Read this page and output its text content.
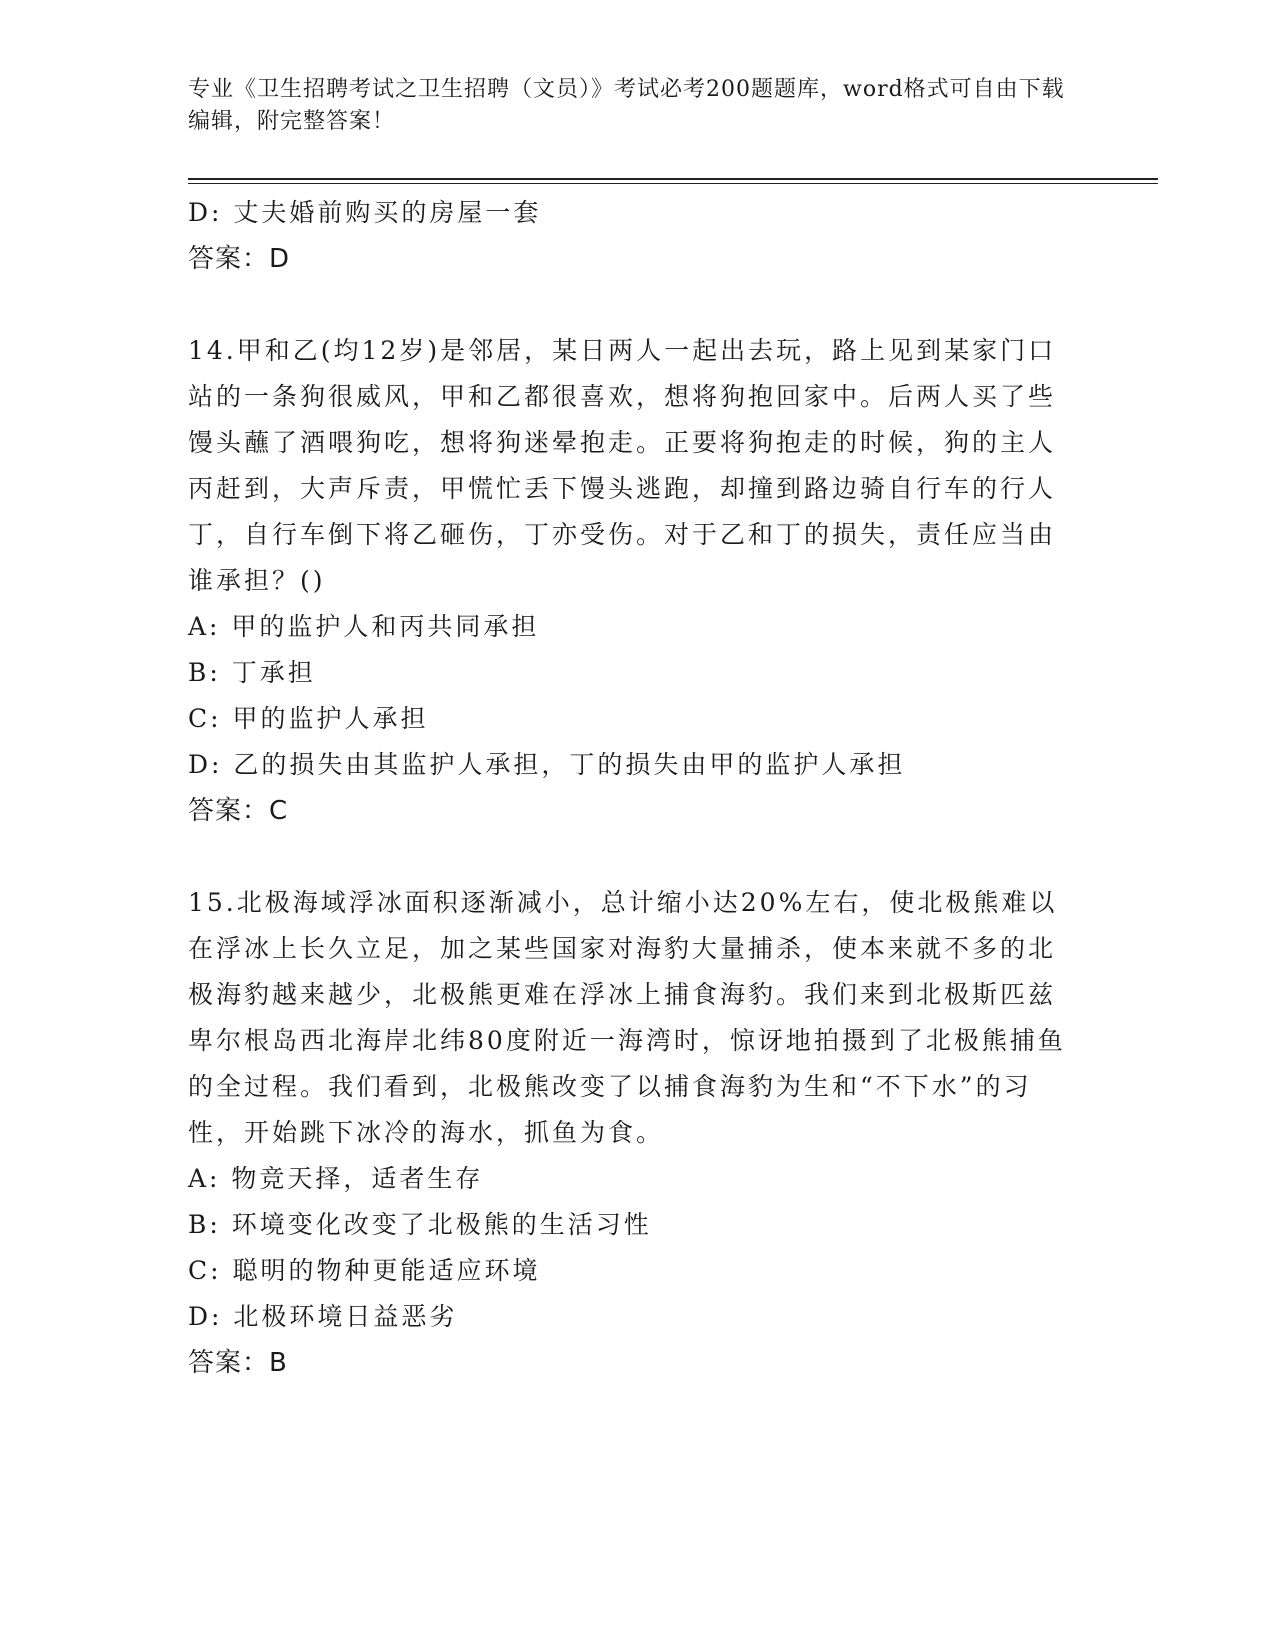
专业《卫生招聘考试之卫生招聘（文员）》考试必考200题题库，word格式可自由下载编辑，附完整答案！
D: 丈夫婚前购买的房屋一套
答案：D
14.甲和乙(均12岁)是邻居，某日两人一起出去玩，路上见到某家门口站的一条狗很威风，甲和乙都很喜欢，想将狗抱回家中。后两人买了些馒头蘸了酒喂狗吃，想将狗迷晕抱走。正要将狗抱走的时候，狗的主人丙赶到，大声斥责，甲慌忙丢下馒头逃跑，却撞到路边骑自行车的行人丁，自行车倒下将乙砸伤，丁亦受伤。对于乙和丁的损失，责任应当由谁承担？()
A: 甲的监护人和丙共同承担
B: 丁承担
C: 甲的监护人承担
D: 乙的损失由其监护人承担，丁的损失由甲的监护人承担
答案：C
15.北极海域浮冰面积逐渐减小，总计缩小达20%左右，使北极熊难以在浮冰上长久立足，加之某些国家对海豹大量捕杀，使本来就不多的北极海豹越来越少，北极熊更难在浮冰上捕食海豹。我们来到北极斯匹兹卑尔根岛西北海岸北纬80度附近一海湾时，惊讶地拍摄到了北极熊捕鱼的全过程。我们看到，北极熊改变了以捕食海豹为生和“不下水”的习性，开始跳下冰冷的海水，抓鱼为食。
A: 物竞天择，适者生存
B: 环境变化改变了北极熊的生活习性
C: 聪明的物种更能适应环境
D: 北极环境日益恶劣
答案：B
